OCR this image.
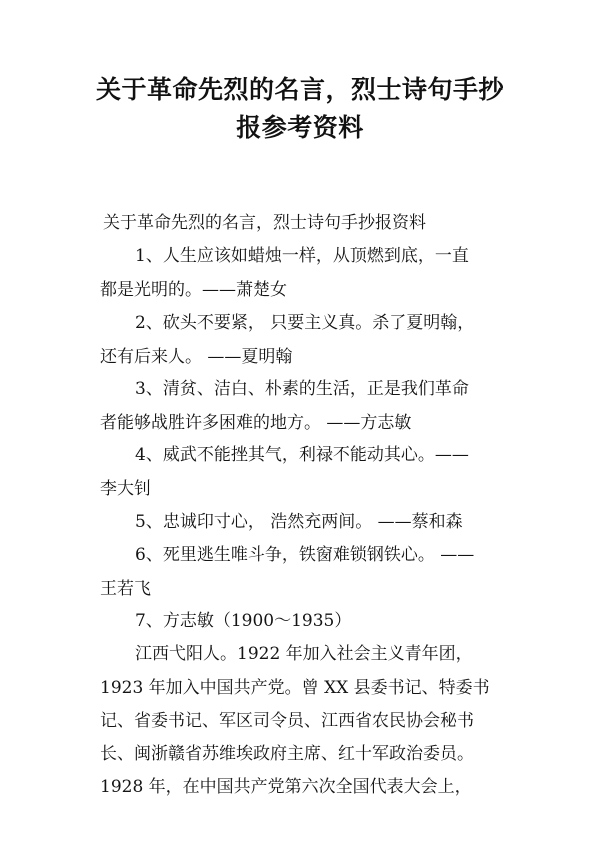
关于革命先烈的名言，烈士诗句手抄
报参考资料

关于革命先烈的名言，烈士诗句手抄报资料

1、人生应该如蜡烛一样，从顶燃到底，一直

都是光明的。——萧楚女

2、砍头不要紧， 只要主义真。杀了夏明翰，

还有后来人。 ——夏明翰

3、清贫、洁白、朴素的生活，正是我们革命

者能够战胜许多困难的地方。 ——方志敏

4、威武不能挫其气，利禄不能动其心。——

李大钊

5、忠诚印寸心， 浩然充两间。 ——蔡和森

6、死里逃生唯斗争，铁窗难锁钢铁心。 ——

王若飞

7、方志敏（1900～1935）

江西弋阳人。1922 年加入社会主义青年团，

1923 年加入中国共产党。曾 XX 县委书记、特委书

记、省委书记、军区司令员、江西省农民协会秘书

长、闽浙赣省苏维埃政府主席、红十军政治委员。

1928 年，在中国共产党第六次全国代表大会上，
